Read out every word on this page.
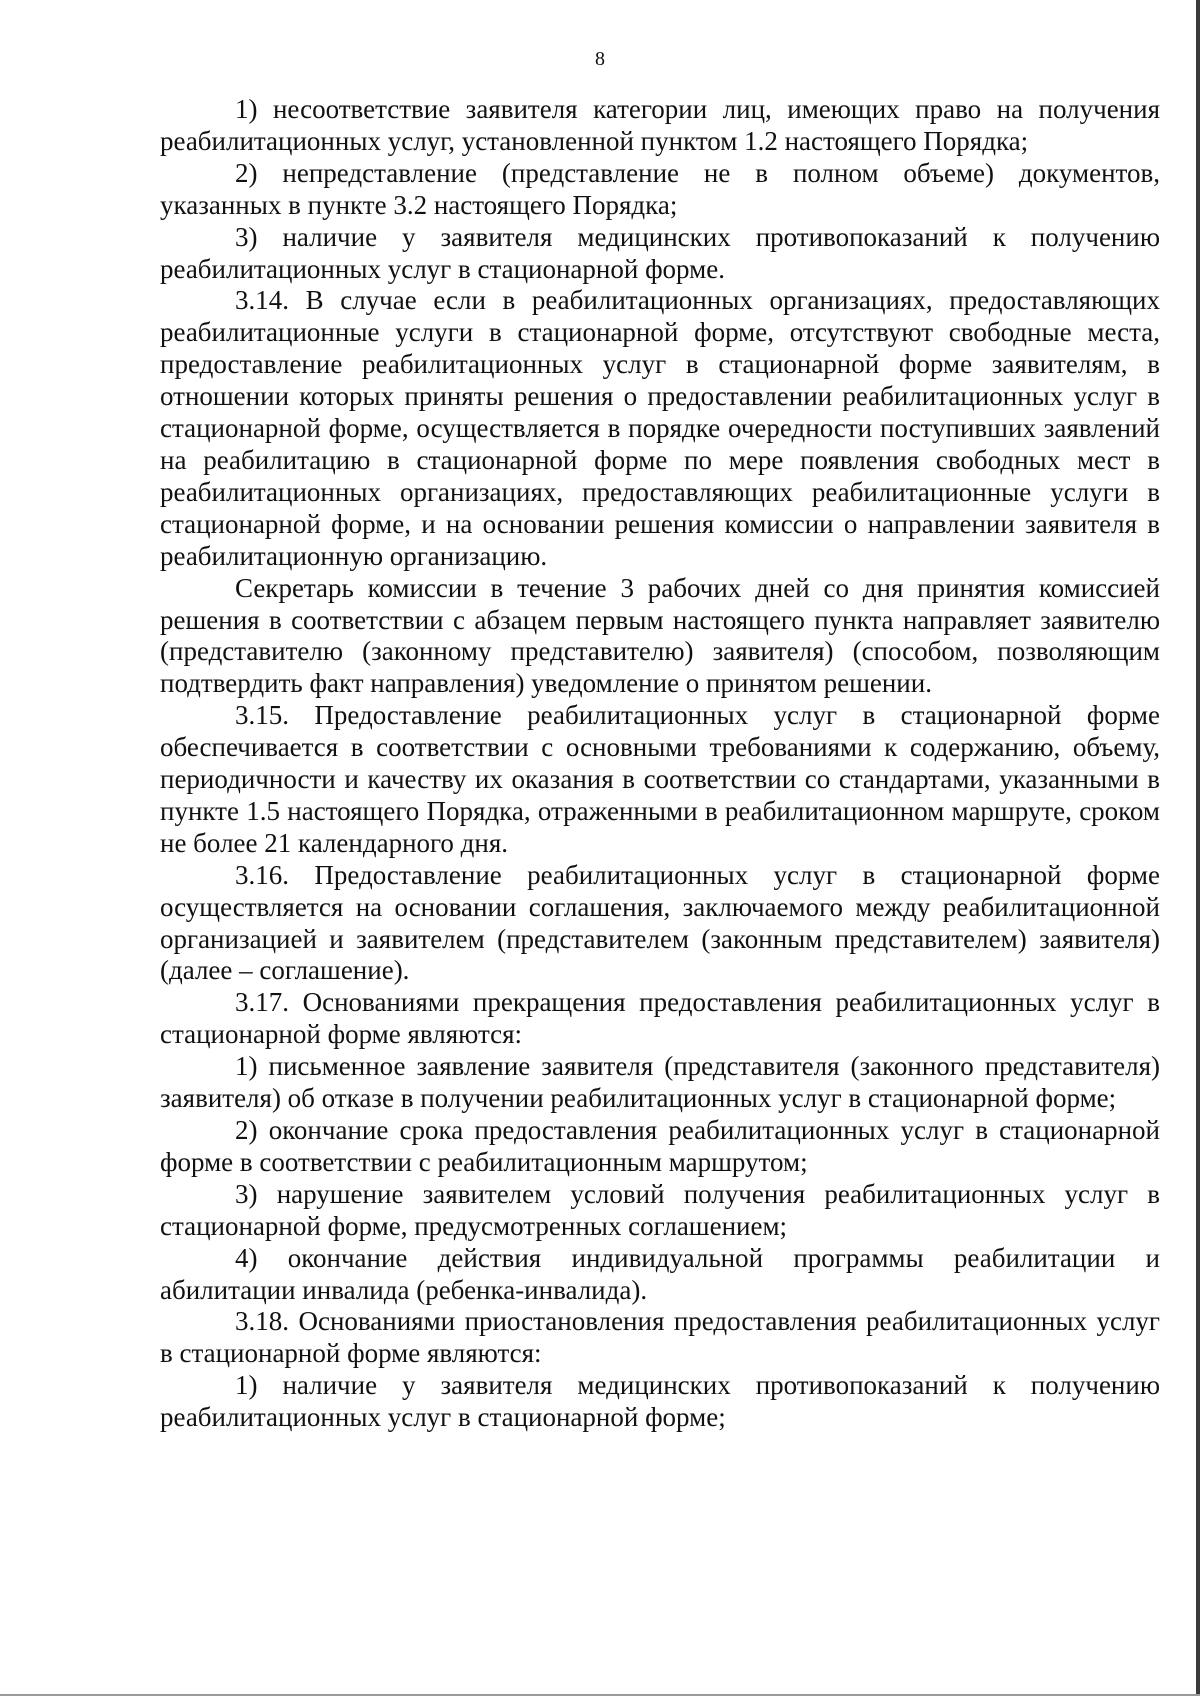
8

1) несоответствие заявителя категории лиц, имеющих право на получения реабилитационных услуг, установленной пунктом 1.2 настоящего Порядка;

2) непредставление (представление не в полном объеме) документов, указанных в пункте 3.2 настоящего Порядка;

3) наличие у заявителя медицинских противопоказаний к получению реабилитационных услуг в стационарной форме.

3.14. В случае если в реабилитационных организациях, предоставляющих реабилитационные услуги в стационарной форме, отсутствуют свободные места, предоставление реабилитационных услуг в стационарной форме заявителям, в отношении которых приняты решения о предоставлении реабилитационных услуг в стационарной форме, осуществляется в порядке очередности поступивших заявлений на реабилитацию в стационарной форме по мере появления свободных мест в реабилитационных организациях, предоставляющих реабилитационные услуги в стационарной форме, и на основании решения комиссии о направлении заявителя в реабилитационную организацию.

Секретарь комиссии в течение 3 рабочих дней со дня принятия комиссией решения в соответствии с абзацем первым настоящего пункта направляет заявителю (представителю (законному представителю) заявителя) (способом, позволяющим подтвердить факт направления) уведомление о принятом решении.

3.15. Предоставление реабилитационных услуг в стационарной форме обеспечивается в соответствии с основными требованиями к содержанию, объему, периодичности и качеству их оказания в соответствии со стандартами, указанными в пункте 1.5 настоящего Порядка, отраженными в реабилитационном маршруте, сроком не более 21 календарного дня.

3.16. Предоставление реабилитационных услуг в стационарной форме осуществляется на основании соглашения, заключаемого между реабилитационной организацией и заявителем (представителем (законным представителем) заявителя) (далее – соглашение).

3.17. Основаниями прекращения предоставления реабилитационных услуг в стационарной форме являются:

1) письменное заявление заявителя (представителя (законного представителя) заявителя) об отказе в получении реабилитационных услуг в стационарной форме;

2) окончание срока предоставления реабилитационных услуг в стационарной форме в соответствии с реабилитационным маршрутом;

3) нарушение заявителем условий получения реабилитационных услуг в стационарной форме, предусмотренных соглашением;

4) окончание действия индивидуальной программы реабилитации и абилитации инвалида (ребенка-инвалида).

3.18. Основаниями приостановления предоставления реабилитационных услуг в стационарной форме являются:

1) наличие у заявителя медицинских противопоказаний к получению реабилитационных услуг в стационарной форме;
